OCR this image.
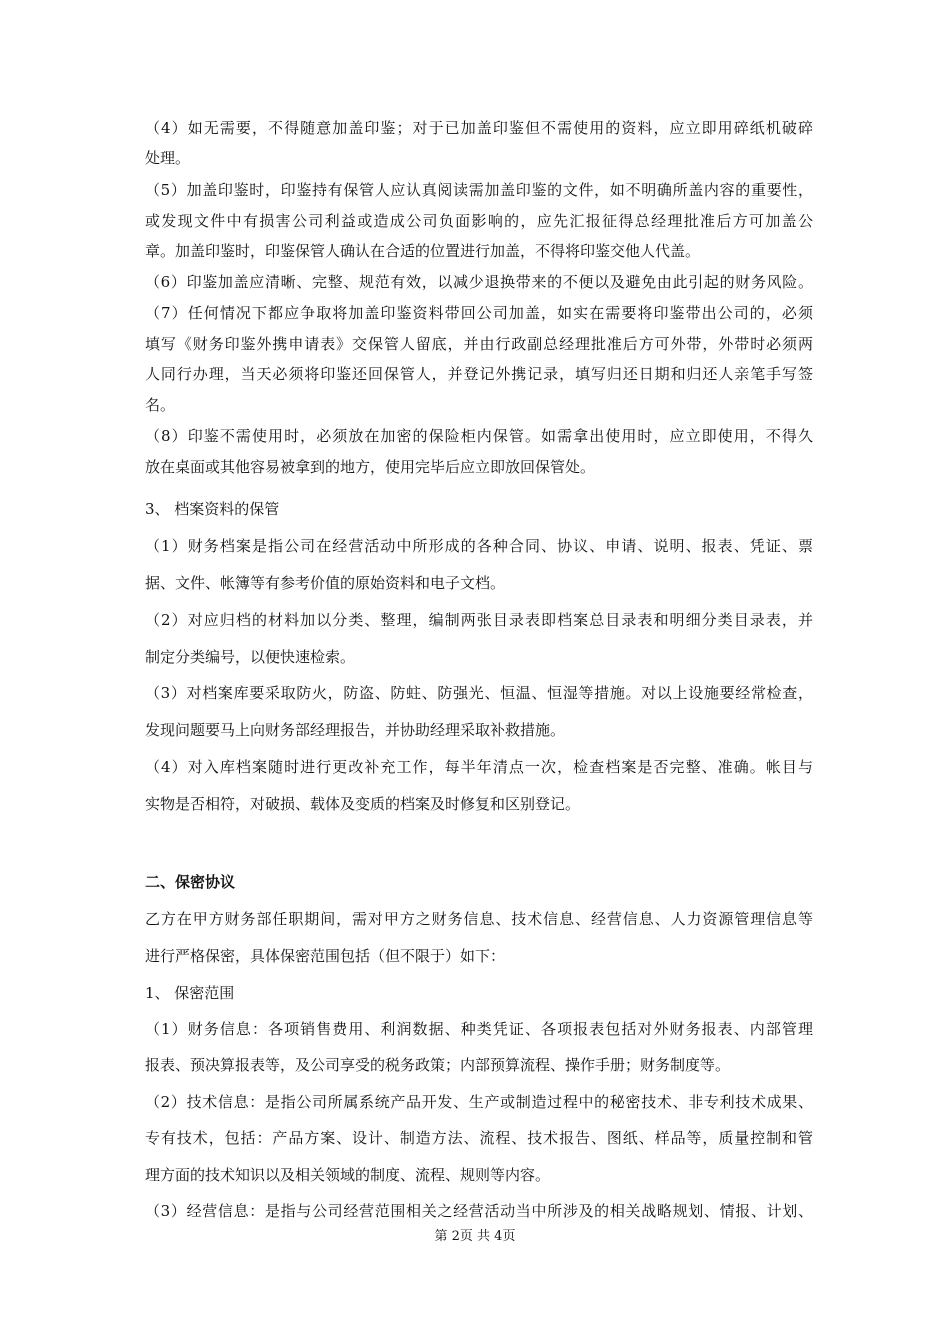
（4）如无需要，不得随意加盖印鉴；对于已加盖印鉴但不需使用的资料，应立即用碎纸机破碎
处理。
（5）加盖印鉴时，印鉴持有保管人应认真阅读需加盖印鉴的文件，如不明确所盖内容的重要性，
或发现文件中有损害公司利益或造成公司负面影响的，应先汇报征得总经理批准后方可加盖公
章。加盖印鉴时，印鉴保管人确认在合适的位置进行加盖，不得将印鉴交他人代盖。
（6）印鉴加盖应清晰、完整、规范有效，以减少退换带来的不便以及避免由此引起的财务风险。
（7）任何情况下都应争取将加盖印鉴资料带回公司加盖，如实在需要将印鉴带出公司的，必须
填写《财务印鉴外携申请表》交保管人留底，并由行政副总经理批准后方可外带，外带时必须两
人同行办理，当天必须将印鉴还回保管人，并登记外携记录，填写归还日期和归还人亲笔手写签
名。
（8）印鉴不需使用时，必须放在加密的保险柜内保管。如需拿出使用时，应立即使用，不得久
放在桌面或其他容易被拿到的地方，使用完毕后应立即放回保管处。
3、 档案资料的保管
（1）财务档案是指公司在经营活动中所形成的各种合同、协议、申请、说明、报表、凭证、票
据、文件、帐簿等有参考价值的原始资料和电子文档。
（2）对应归档的材料加以分类、整理，编制两张目录表即档案总目录表和明细分类目录表，并
制定分类编号，以便快速检索。
（3）对档案库要采取防火，防盗、防蛀、防强光、恒温、恒湿等措施。对以上设施要经常检查，
发现问题要马上向财务部经理报告，并协助经理采取补救措施。
（4）对入库档案随时进行更改补充工作，每半年清点一次，检查档案是否完整、准确。帐目与
实物是否相符，对破损、载体及变质的档案及时修复和区别登记。
二、保密协议
乙方在甲方财务部任职期间，需对甲方之财务信息、技术信息、经营信息、人力资源管理信息等
进行严格保密，具体保密范围包括（但不限于）如下：
1、 保密范围
（1）财务信息：各项销售费用、利润数据、种类凭证、各项报表包括对外财务报表、内部管理
报表、预决算报表等，及公司享受的税务政策；内部预算流程、操作手册；财务制度等。
（2）技术信息：是指公司所属系统产品开发、生产或制造过程中的秘密技术、非专利技术成果、
专有技术，包括：产品方案、设计、制造方法、流程、技术报告、图纸、样品等，质量控制和管
理方面的技术知识以及相关领域的制度、流程、规则等内容。
（3）经营信息：是指与公司经营范围相关之经营活动当中所涉及的相关战略规划、情报、计划、
第 2页 共 4页
